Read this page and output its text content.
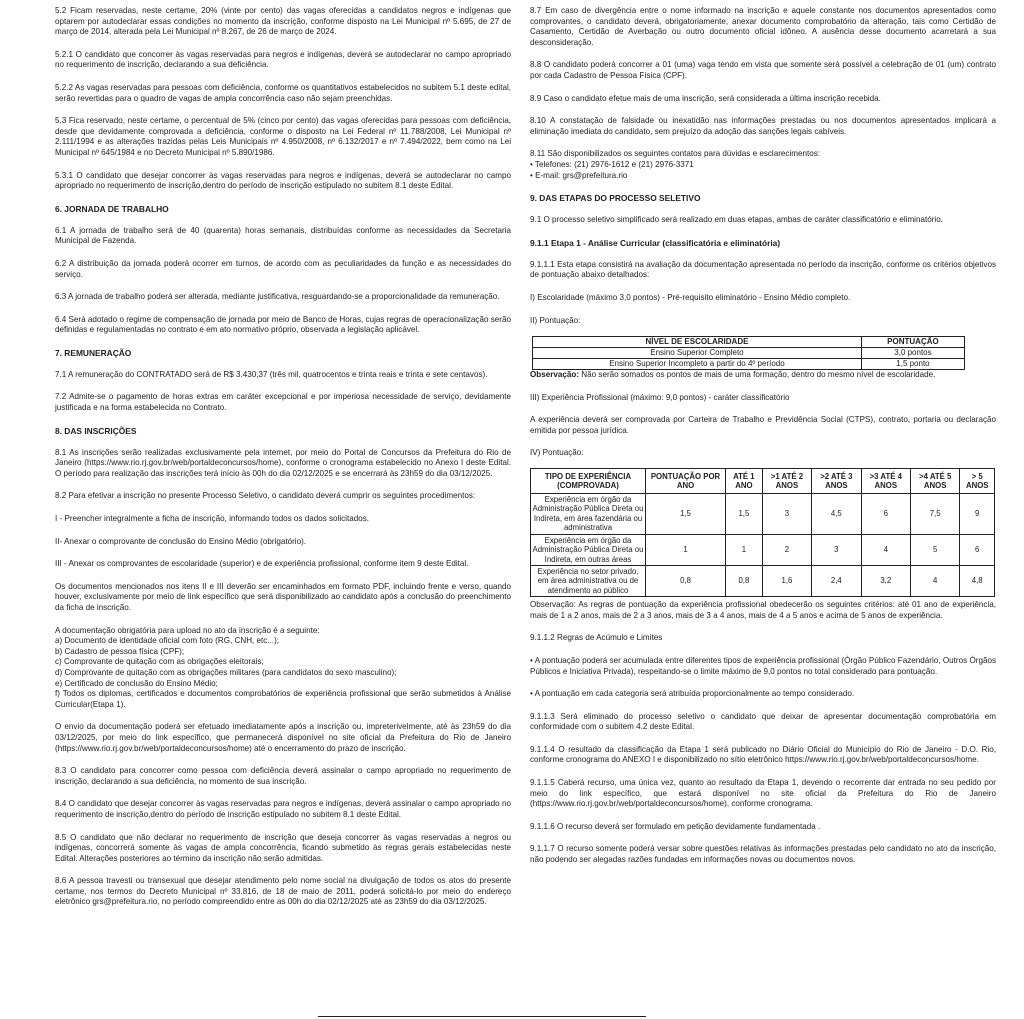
5.2 Ficam reservadas, neste certame, 20% (vinte por cento) das vagas oferecidas a candidatos negros e indígenas que optarem por autodeclarar essas condições no momento da inscrição, conforme disposto na Lei Municipal nº 5.695, de 27 de março de 2014, alterada pela Lei Municipal nº 8.267, de 26 de março de 2024.

5.2.1 O candidato que concorrer às vagas reservadas para negros e indígenas, deverá se autodeclarar no campo apropriado no requerimento de inscrição, declarando a sua deficiência.

5.2.2 As vagas reservadas para pessoas com deficiência, conforme os quantitativos estabelecidos no subitem 5.1 deste edital, serão revertidas para o quadro de vagas de ampla concorrência caso não sejam preenchidas.

5.3 Fica reservado, neste certame, o percentual de 5% (cinco por cento) das vagas oferecidas para pessoas com deficiência, desde que devidamente comprovada a deficiência, conforme o disposto na Lei Federal nº 11.788/2008, Lei Municipal nº 2.111/1994 e as alterações trazidas pelas Leis Municipais nº 4.950/2008, nº 6.132/2017 e nº 7.494/2022, bem como na Lei Municipal nº 645/1984 e no Decreto Municipal nº 5.890/1986.

5.3.1 O candidato que desejar concorrer às vagas reservadas para negros e indígenas, deverá se autodeclarar no campo apropriado no requerimento de inscrição,dentro do período de inscrição estipulado no subitem 8.1 deste Edital.

6. JORNADA DE TRABALHO

6.1 A jornada de trabalho será de 40 (quarenta) horas semanais, distribuídas conforme as necessidades da Secretaria Municipal de Fazenda.

6.2 A distribuição da jornada poderá ocorrer em turnos, de acordo com as peculiaridades da função e as necessidades do serviço.

6.3 A jornada de trabalho poderá ser alterada, mediante justificativa, resguardando-se a proporcionalidade da remuneração.

6.4 Será adotado o regime de compensação de jornada por meio de Banco de Horas, cujas regras de operacionalização serão definidas e regulamentadas no contrato e em ato normativo próprio, observada a legislação aplicável.

7. REMUNERAÇÃO

7.1 A remuneração do CONTRATADO será de R$ 3.430,37 (três mil, quatrocentos e trinta reais e trinta e sete centavos).

7.2 Admite-se o pagamento de horas extras em caráter excepcional e por imperiosa necessidade de serviço, devidamente justificada e na forma estabelecida no Contrato.

8. DAS INSCRIÇÕES

8.1 As inscrições serão realizadas exclusivamente pela internet, por meio do Portal de Concursos da Prefeitura do Rio de Janeiro (https://www.rio.rj.gov.br/web/portaldeconcursos/home), conforme o cronograma estabelecido no Anexo I deste Edital. O período para realização das inscrições terá início às 00h do dia 02/12/2025 e se encerrará às 23h59 do dia 03/12/2025.

8.2 Para efetivar a inscrição no presente Processo Seletivo, o candidato deverá cumprir os seguintes procedimentos:

I - Preencher integralmente a ficha de inscrição, informando todos os dados solicitados.

II- Anexar o comprovante de conclusão do Ensino Médio (obrigatório).

III - Anexar os comprovantes de escolaridade (superior) e de experiência profissional, conforme item 9 deste Edital.

Os documentos mencionados nos itens II e III deverão ser encaminhados em formato PDF, incluindo frente e verso, quando houver, exclusivamente por meio de link específico que será disponibilizado ao candidato após a conclusão do preenchimento da ficha de inscrição.

A documentação obrigatória para upload no ato da inscrição é a seguinte:
a) Documento de identidade oficial com foto (RG, CNH, etc...);
b) Cadastro de pessoa física (CPF);
c) Comprovante de quitação com as obrigações eleitorais;
d) Comprovante de quitação com as obrigações militares (para candidatos do sexo masculino);
e) Certificado de conclusão do Ensino Médio;
f) Todos os diplomas, certificados e documentos comprobatórios de experiência profissional que serão submetidos à Análise Curricular(Etapa 1).

O envio da documentação poderá ser efetuado imediatamente após a inscrição ou, impreterivelmente, até às 23h59 do dia 03/12/2025, por meio do link específico, que permanecerá disponível no site oficial da Prefeitura do Rio de Janeiro (https://www.rio.rj.gov.br/web/portaldeconcursos/home) até o encerramento do prazo de inscrição.

8.3 O candidato para concorrer como pessoa com deficiência deverá assinalar o campo apropriado no requerimento de inscrição, declarando a sua deficiência, no momento de sua inscrição.

8.4 O candidato que desejar concorrer às vagas reservadas para negros e indígenas, deverá assinalar o campo apropriado no requerimento de inscrição,dentro do período de inscrição estipulado no subitem 8.1 deste Edital.

8.5 O candidato que não declarar no requerimento de inscrição que deseja concorrer às vagas reservadas a negros ou indígenas, concorrerá somente às vagas de ampla concorrência, ficando submetido às regras gerais estabelecidas neste Edital. Alterações posteriores ao término da inscrição não serão admitidas.

8.6 A pessoa travesti ou transexual que desejar atendimento pelo nome social na divulgação de todos os atos do presente certame, nos termos do Decreto Municipal nº 33.816, de 18 de maio de 2011, poderá solicitá-lo por meio do endereço eletrônico grs@prefeitura.rio, no período compreendido entre as 00h do dia 02/12/2025 até as 23h59 do dia 03/12/2025.

8.7 Em caso de divergência entre o nome informado na inscrição e aquele constante nos documentos apresentados como comprovantes, o candidato deverá, obrigatoriamente, anexar documento comprobatório da alteração, tais como Certidão de Casamento, Certidão de Averbação ou outro documento oficial idôneo. A ausência desse documento acarretará a sua desconsideração.

8.8 O candidato poderá concorrer a 01 (uma) vaga tendo em vista que somente será possível a celebração de 01 (um) contrato por cada Cadastro de Pessoa Física (CPF).

8.9 Caso o candidato efetue mais de uma inscrição, será considerada a última inscrição recebida.

8.10 A constatação de falsidade ou inexatidão nas informações prestadas ou nos documentos apresentados implicará a eliminação imediata do candidato, sem prejuízo da adoção das sanções legais cabíveis.

8.11 São disponibilizados os seguintes contatos para dúvidas e esclarecimentos:
• Telefones: (21) 2976-1612 e (21) 2976-3371
• E-mail: grs@prefeitura.rio

9. DAS ETAPAS DO PROCESSO SELETIVO

9.1 O processo seletivo simplificado será realizado em duas etapas, ambas de caráter classificatório e eliminatório.

9.1.1 Etapa 1 - Análise Curricular (classificatória e eliminatória)

9.1.1.1 Esta etapa consistirá na avaliação da documentação apresentada no período da inscrição, conforme os critérios objetivos de pontuação abaixo detalhados:

I) Escolaridade (máximo 3,0 pontos) - Pré-requisito eliminatório - Ensino Médio completo.

II) Pontuação:

NÍVEL DE ESCOLARIDADE	PONTUAÇÃO
Ensino Superior Completo	3,0 pontos
Ensino Superior Incompleto a partir do 4º período	1,5 ponto

Observação: Não serão somados os pontos de mais de uma formação, dentro do mesmo nível de escolaridade.

III) Experiência Profissional (máximo: 9,0 pontos) - caráter classificatório

A experiência deverá ser comprovada por Carteira de Trabalho e Previdência Social (CTPS), contrato, portaria ou declaração emitida por pessoa jurídica.

IV) Pontuação:

TIPO DE EXPERIÊNCIA (COMPROVADA)	PONTUAÇÃO POR ANO	ATÉ 1 ANO	>1 ATÉ 2 ANOS	>2 ATÉ 3 ANOS	>3 ATÉ 4 ANOS	>4 ATÉ 5 ANOS	> 5 ANOS
Experiência em órgão da Administração Pública Direta ou Indireta, em área fazendária ou administrativa	1,5	1,5	3	4,5	6	7,5	9
Experiência em órgão da Administração Pública Direta ou Indireta, em outras áreas	1	1	2	3	4	5	6
Experiência no setor privado, em área administrativa ou de atendimento ao público	0,8	0,8	1,6	2,4	3,2	4	4,8

Observação: As regras de pontuação da experiência profissional obedecerão os seguintes critérios: até 01 ano de experiência, mais de 1 a 2 anos, mais de 2 a 3 anos, mais de 3 a 4 anos, mais de 4 a 5 anos e acima de 5 anos de experiência.

9.1.1.2 Regras de Acúmulo e Limites

• A pontuação poderá ser acumulada entre diferentes tipos de experiência profissional (Órgão Público Fazendário, Outros Órgãos Públicos e Iniciativa Privada), respeitando-se o limite máximo de 9,0 pontos no total considerado para pontuação.

• A pontuação em cada categoria será atribuída proporcionalmente ao tempo considerado.

9.1.1.3 Será eliminado do processo seletivo o candidato que deixar de apresentar documentação comprobatória em conformidade com o subitem 4.2 deste Edital.

9.1.1.4 O resultado da classificação da Etapa 1 será publicado no Diário Oficial do Município do Rio de Janeiro - D.O. Rio, conforme cronograma do ANEXO I e disponibilizado no sítio eletrônico https://www.rio.rj.gov.br/web/portaldeconcursos/home.

9.1.1.5 Caberá recurso, uma única vez, quanto ao resultado da Etapa 1, devendo o recorrente dar entrada no seu pedido por meio do link específico, que estará disponível no site oficial da Prefeitura do Rio de Janeiro (https://www.rio.rj.gov.br/web/portaldeconcursos/home), conforme cronograma.

9.1.1.6 O recurso deverá ser formulado em petição devidamente fundamentada .

9.1.1.7 O recurso somente poderá versar sobre questões relativas às informações prestadas pelo candidato no ato da inscrição, não podendo ser alegadas razões fundadas em informações novas ou documentos novos.
